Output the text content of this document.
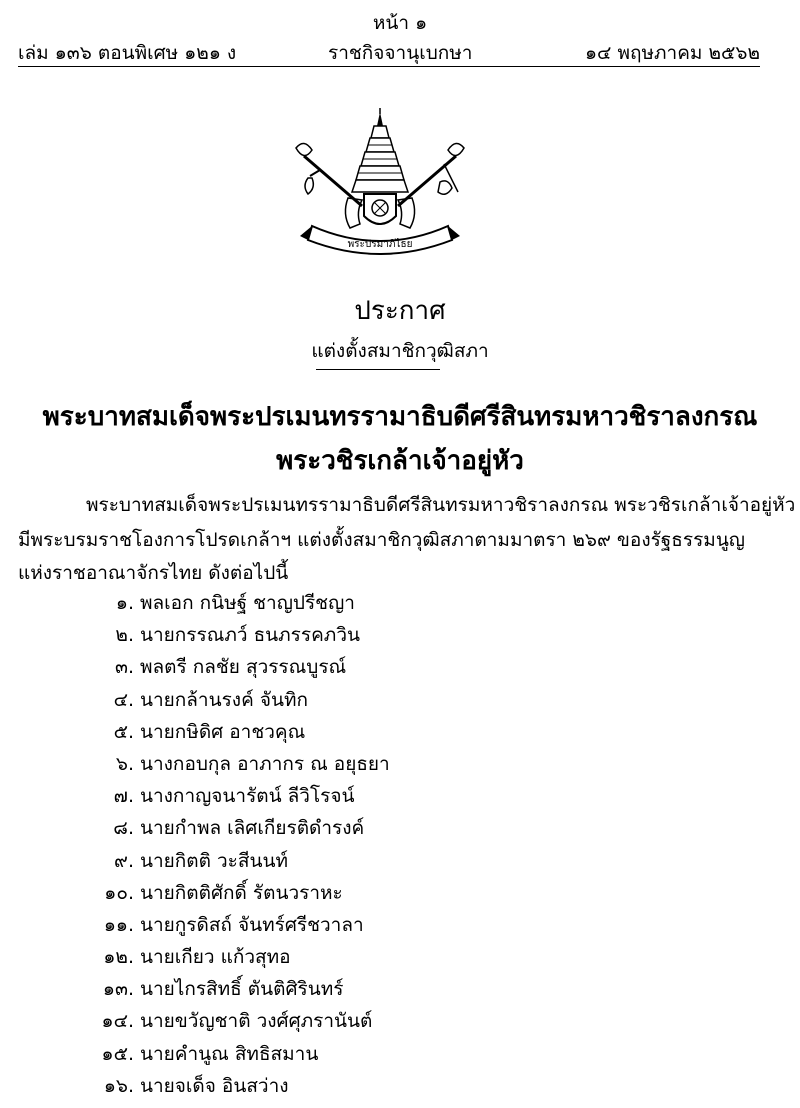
หน้า ๑
เล่ม ๑๓๖ ตอนพิเศษ ๑๒๑ ง	ราชกิจจานุเบกษา	๑๔ พฤษภาคม ๒๕๖๒
พระปรมาภิไธย
ประกาศ
แต่งตั้งสมาชิกวุฒิสภา
พระบาทสมเด็จพระปรเมนทรรามาธิบดีศรีสินทรมหาวชิราลงกรณ
พระวชิรเกล้าเจ้าอยู่หัว
พระบาทสมเด็จพระปรเมนทรรามาธิบดีศรีสินทรมหาวชิราลงกรณ พระวชิรเกล้าเจ้าอยู่หัว
มีพระบรมราชโองการโปรดเกล้าฯ แต่งตั้งสมาชิกวุฒิสภาตามมาตรา ๒๖๙ ของรัฐธรรมนูญ
แห่งราชอาณาจักรไทย ดังต่อไปนี้
๑. พลเอก กนิษฐ์ ชาญปรีชญา
๒. นายกรรณภว์ ธนภรรคภวิน
๓. พลตรี กลชัย สุวรรณบูรณ์
๔. นายกล้านรงค์ จันทิก
๕. นายกษิดิศ อาชวคุณ
๖. นางกอบกุล อาภากร ณ อยุธยา
๗. นางกาญจนารัตน์ ลีวิโรจน์
๘. นายกำพล เลิศเกียรติดำรงค์
๙. นายกิตติ วะสีนนท์
๑๐. นายกิตติศักดิ์ รัตนวราหะ
๑๑. นายกูรดิสถ์ จันทร์ศรีชวาลา
๑๒. นายเกียว แก้วสุทอ
๑๓. นายไกรสิทธิ์ ตันติศิรินทร์
๑๔. นายขวัญชาติ วงศ์ศุภรานันต์
๑๕. นายคำนูณ สิทธิสมาน
๑๖. นายจเด็จ อินสว่าง
